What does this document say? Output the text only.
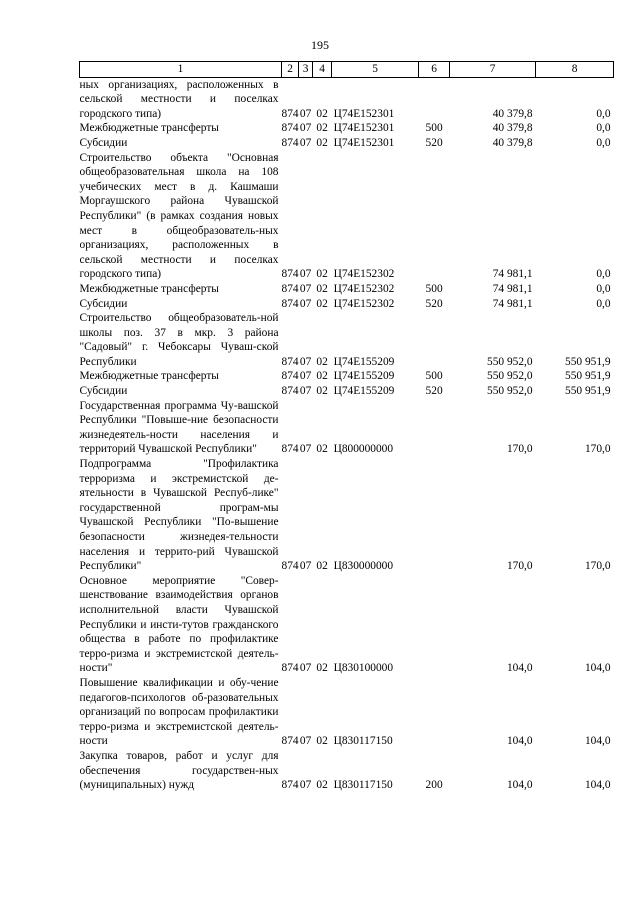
195
1	2	3	4	5	6	7	8
ных организациях, расположенных в сельской местности и поселках городского типа)	874	07	02	Ц74Е152301		40 379,8	0,0
Межбюджетные трансферты	874	07	02	Ц74Е152301	500	40 379,8	0,0
Субсидии	874	07	02	Ц74Е152301	520	40 379,8	0,0
Строительство объекта "Основная общеобразовательная школа на 108 учебических мест в д. Кашмаши Моргаушского района Чувашской Республики" (в рамках создания новых мест в общеобразователь-ных организациях, расположенных в сельской местности и поселках городского типа)	874	07	02	Ц74Е152302		74 981,1	0,0
Межбюджетные трансферты	874	07	02	Ц74Е152302	500	74 981,1	0,0
Субсидии	874	07	02	Ц74Е152302	520	74 981,1	0,0
Строительство общеобразователь-ной школы поз. 37 в мкр. 3 района "Садовый" г. Чебоксары Чуваш-ской Республики	874	07	02	Ц74Е155209		550 952,0	550 951,9
Межбюджетные трансферты	874	07	02	Ц74Е155209	500	550 952,0	550 951,9
Субсидии	874	07	02	Ц74Е155209	520	550 952,0	550 951,9
Государственная программа Чу-вашской Республики "Повыше-ние безопасности жизнедеятель-ности населения и территорий Чувашской Республики"	874	07	02	Ц800000000		170,0	170,0
Подпрограмма "Профилактика терроризма и экстремистской де-ятельности в Чувашской Респуб-лике" государственной програм-мы Чувашской Республики "По-вышение безопасности жизнедея-тельности населения и террито-рий Чувашской Республики"	874	07	02	Ц830000000		170,0	170,0
Основное мероприятие "Совер-шенствование взаимодействия органов исполнительной власти Чувашской Республики и инсти-тутов гражданского общества в работе по профилактике терро-ризма и экстремистской деятель-ности"	874	07	02	Ц830100000		104,0	104,0
Повышение квалификации и обу-чение педагогов-психологов об-разовательных организаций по вопросам профилактики терро-ризма и экстремистской деятель-ности	874	07	02	Ц830117150		104,0	104,0
Закупка товаров, работ и услуг для обеспечения государствен-ных (муниципальных) нужд	874	07	02	Ц830117150	200	104,0	104,0
